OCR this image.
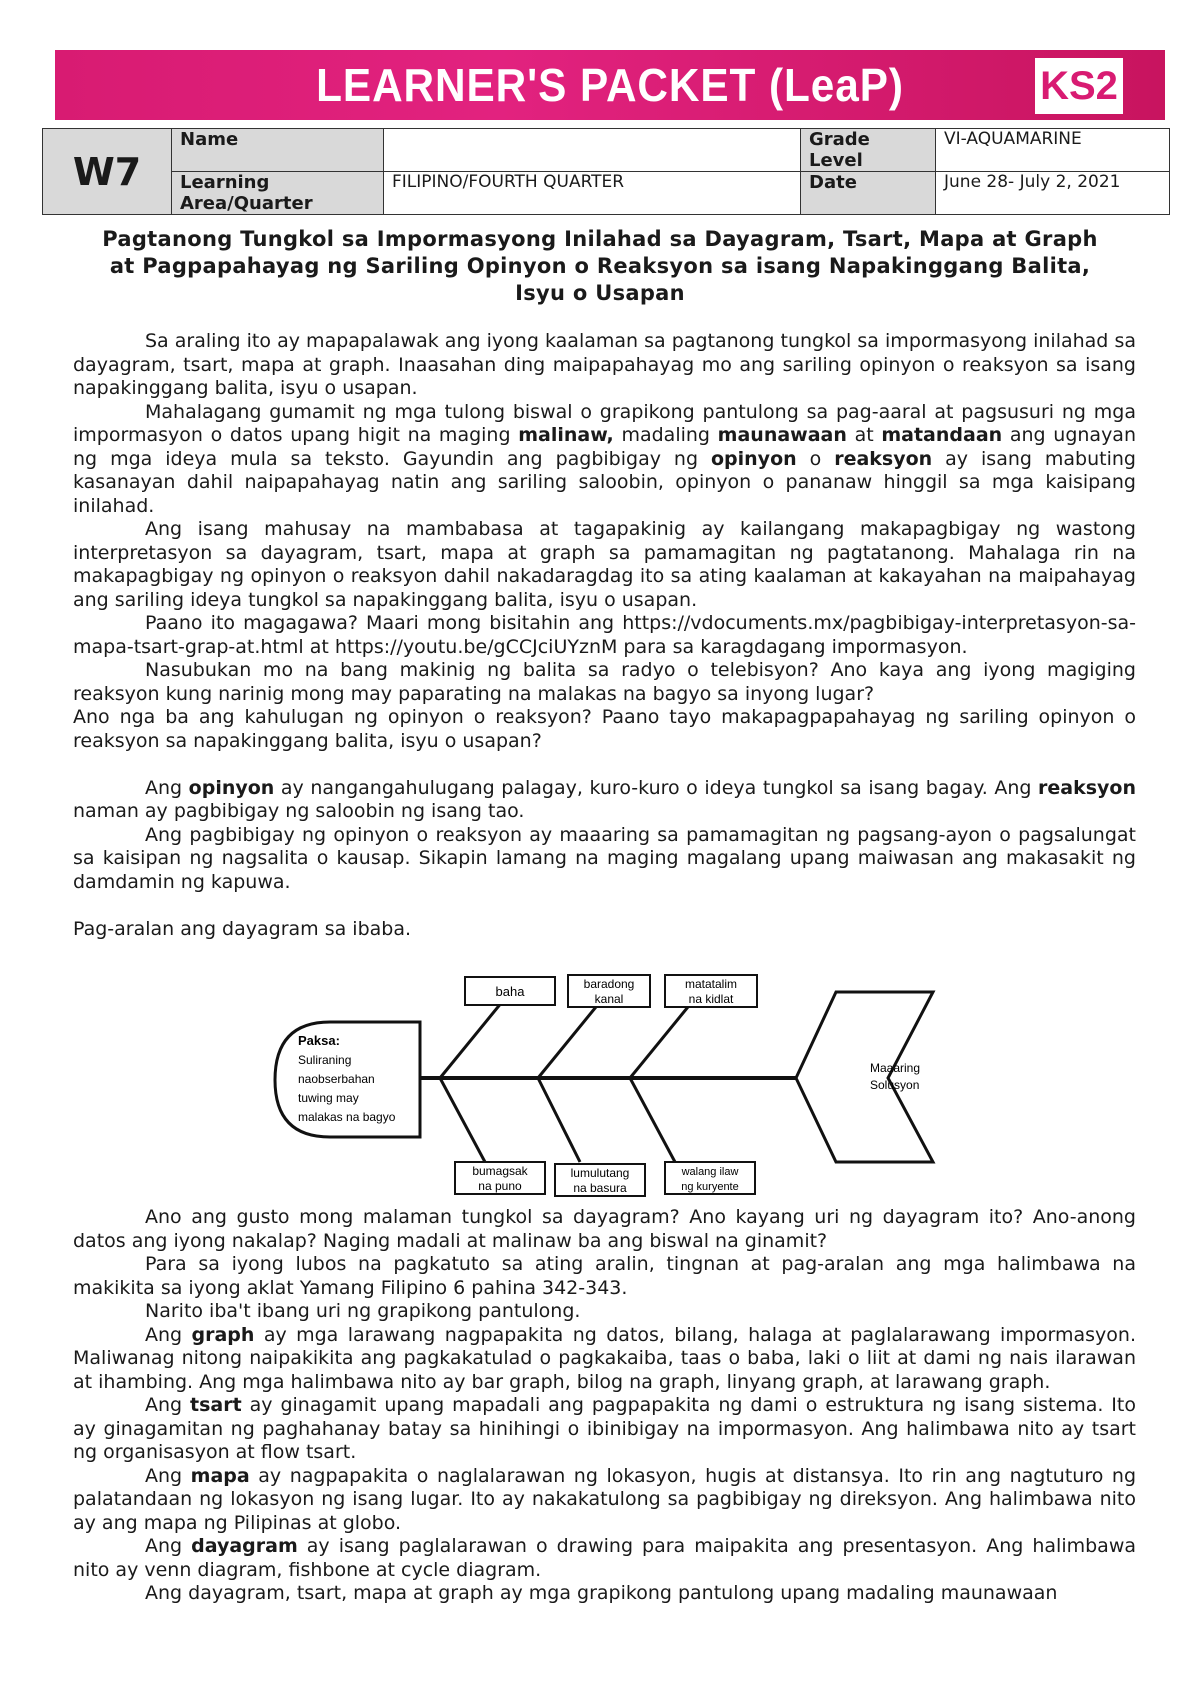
LEARNER'S PACKET (LeaP)	KS2
W7	Name		Grade Level	VI-AQUAMARINE
	Learning Area/Quarter	FILIPINO/FOURTH QUARTER	Date	June 28- July 2, 2021
Pagtanong Tungkol sa Impormasyong Inilahad sa Dayagram, Tsart, Mapa at Graph
at Pagpapahayag ng Sariling Opinyon o Reaksyon sa isang Napakinggang Balita,
Isyu o Usapan

Sa araling ito ay mapapalawak ang iyong kaalaman sa pagtanong tungkol sa impormasyong inilahad sa dayagram, tsart, mapa at graph. Inaasahan ding maipapahayag mo ang sariling opinyon o reaksyon sa isang napakinggang balita, isyu o usapan.

Mahalagang gumamit ng mga tulong biswal o grapikong pantulong sa pag-aaral at pagsusuri ng mga impormasyon o datos upang higit na maging malinaw, madaling maunawaan at matandaan ang ugnayan ng mga ideya mula sa teksto. Gayundin ang pagbibigay ng opinyon o reaksyon ay isang mabuting kasanayan dahil naipapahayag natin ang sariling saloobin, opinyon o pananaw hinggil sa mga kaisipang inilahad.

Ang isang mahusay na mambabasa at tagapakinig ay kailangang makapagbigay ng wastong interpretasyon sa dayagram, tsart, mapa at graph sa pamamagitan ng pagtatanong. Mahalaga rin na makapagbigay ng opinyon o reaksyon dahil nakadaragdag ito sa ating kaalaman at kakayahan na maipahayag ang sariling ideya tungkol sa napakinggang balita, isyu o usapan.

Paano ito magagawa? Maari mong bisitahin ang https://vdocuments.mx/pagbibigay-interpretasyon-sa-mapa-tsart-grap-at.html at https://youtu.be/gCCJciUYznM para sa karagdagang impormasyon.

Nasubukan mo na bang makinig ng balita sa radyo o telebisyon? Ano kaya ang iyong magiging reaksyon kung narinig mong may paparating na malakas na bagyo sa inyong lugar?

Ano nga ba ang kahulugan ng opinyon o reaksyon? Paano tayo makapagpapahayag ng sariling opinyon o reaksyon sa napakinggang balita, isyu o usapan?

Ang opinyon ay nangangahulugang palagay, kuro-kuro o ideya tungkol sa isang bagay. Ang reaksyon naman ay pagbibigay ng saloobin ng isang tao.

Ang pagbibigay ng opinyon o reaksyon ay maaaring sa pamamagitan ng pagsang-ayon o pagsalungat sa kaisipan ng nagsalita o kausap. Sikapin lamang na maging magalang upang maiwasan ang makasakit ng damdamin ng kapuwa.

Pag-aralan ang dayagram sa ibaba.

Paksa:
Suliraning
naobserbahan
tuwing may
malakas na bagyo
Maaaring
Solusyon
baha	baradong
kanal
matatalim
na kidlat
bumagsak
na puno
lumulutang
na basura
walang ilaw
ng kuryente

Ano ang gusto mong malaman tungkol sa dayagram? Ano kayang uri ng dayagram ito? Ano-anong datos ang iyong nakalap? Naging madali at malinaw ba ang biswal na ginamit?

Para sa iyong lubos na pagkatuto sa ating aralin, tingnan at pag-aralan ang mga halimbawa na makikita sa iyong aklat Yamang Filipino 6 pahina 342-343.

Narito iba't ibang uri ng grapikong pantulong.

Ang graph ay mga larawang nagpapakita ng datos, bilang, halaga at paglalarawang impormasyon. Maliwanag nitong naipakikita ang pagkakatulad o pagkakaiba, taas o baba, laki o liit at dami ng nais ilarawan at ihambing. Ang mga halimbawa nito ay bar graph, bilog na graph, linyang graph, at larawang graph.

Ang tsart ay ginagamit upang mapadali ang pagpapakita ng dami o estruktura ng isang sistema. Ito ay ginagamitan ng paghahanay batay sa hinihingi o ibinibigay na impormasyon. Ang halimbawa nito ay tsart ng organisasyon at flow tsart.

Ang mapa ay nagpapakita o naglalarawan ng lokasyon, hugis at distansya. Ito rin ang nagtuturo ng palatandaan ng lokasyon ng isang lugar. Ito ay nakakatulong sa pagbibigay ng direksyon. Ang halimbawa nito ay ang mapa ng Pilipinas at globo.

Ang dayagram ay isang paglalarawan o drawing para maipakita ang presentasyon. Ang halimbawa nito ay venn diagram, fishbone at cycle diagram.

Ang dayagram, tsart, mapa at graph ay mga grapikong pantulong upang madaling maunawaan
